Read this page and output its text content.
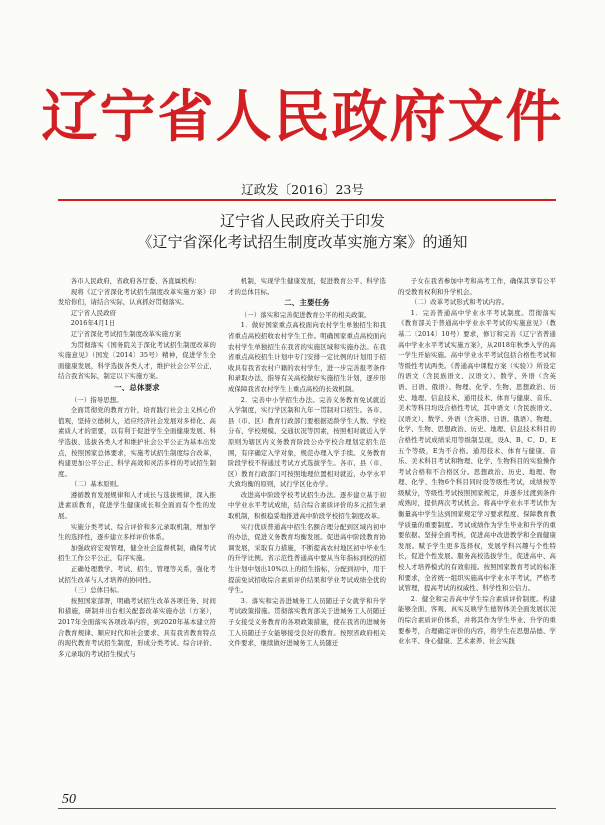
辽宁省人民政府文件
辽政发〔2016〕23号
辽宁省人民政府关于印发
《辽宁省深化考试招生制度改革实施方案》的通知

各市人民政府，省政府各厅委、各直属机构：

现将《辽宁省深化考试招生制度改革实施方案》印发给你们，请结合实际，认真抓好贯彻落实。

辽宁省人民政府

2016年4月1日

辽宁省深化考试招生制度改革实施方案

为贯彻落实《国务院关于深化考试招生制度改革的实施意见》（国发〔2014〕35号）精神，促进学生全面健康发展，科学选拔各类人才，维护社会公平公正，结合我省实际，制定以下实施方案。

一、总体要求

（一）指导思想。

全面贯彻党的教育方针，培育践行社会主义核心价值观，坚持立德树人，适应经济社会发展对多样化、高素质人才的需要，以有利于促进学生全面健康发展、科学选拔、选拔各类人才和维护社会公平公正为基本出发点，按照国家总体要求，实施考试招生制度综合改革，构建更加公平公正、科学高效和灵活多样的考试招生制度。

（二）基本原则。

遵循教育发展规律和人才成长与选拔规律，深入推进素质教育，促进学生健康成长和全面而有个性的发展。

实施分类考试、综合评价和多元录取机制，增加学生的选择性，逐步建立多样评价体系。

加强政府宏观管理，健全社会监督机制，确保考试招生工作公平公正，有序实施。

正确处理教学、考试、招生、管理等关系，强化考试招生改革与人才培养的协同性。

（三）总体目标。

按照国家部署，明确考试招生改革各项任务、时间和措施，研制并出台相关配套改革实施办法（方案），2017年全面落实各项改革内容，到2020年基本建立符合教育规律、顺应时代和社会要求、具有我省教育特点的现代教育考试招生制度，形成分类考试、综合评价、多元录取的考试招生模式与

机制，实现学生健康发展，促进教育公平、科学选才的总体目标。

二、主要任务

（一）落实和完善促进教育公平的相关政策。

1．做好国家重点高校面向农村学生单独招生和我省重点高校招收农村学生工作。明确国家重点高校面向农村学生单独招生在我省的实施区域和实施办法。在我省重点高校招生计划中专门安排一定比例的计划用于招收具有我省农村户籍的农村学生，进一步完善报考条件和录取办法，指导有关高校做好实施招生计划，逐步形成保障我省农村学生上重点高校的长效机制。

2．完善中小学招生办法。完善义务教育免试就近入学制度，实行学区制和九年一贯制对口招生。各市、县（市、区）教育行政部门要根据适龄学生人数、学校分布、学校规模、交通状况等因素，按照相对就近入学原则为辖区内义务教育阶段公办学校合理划定招生范围，有序确定入学对象，规范办理入学手续。义务教育阶段学校不得通过考试方式选拔学生。各市、县（市、区）教育行政部门可按照地理位置相对就近、办学水平大致均衡的原则，试行学区化办学。

改进高中阶段学校考试招生办法。逐步建立基于初中学业水平考试成绩，结合综合素质评价的多元招生录取机制，积极稳妥地推进高中阶段学校招生制度改革。

实行优质普通高中招生名额合理分配到区域内初中的办法，促进义务教育均衡发展。促进高中阶段教育协调发展，采取有力措施，不断提高农村地区初中毕业生的升学比例。省示范性普通高中要从当年指标到校的招生计划中划出10%以上的招生指标，分配到初中，用于提前免试招收综合素质评价结果和学业考试成绩全优的学生。

3．落实和完善进城务工人员随迁子女就学和升学考试政策措施。贯彻落实教育部关于进城务工人员随迁子女接受义务教育的各项政策措施，使在我省的进城务工人员随迁子女能够接受良好的教育。按照省政府相关文件要求，继续做好进城务工人员随迁

子女在我省参加中考和高考工作，确保其享有公平的受教育权利和升学机会。

（二）改革考试形式和考试内容。

1．完善普通高中学业水平考试制度。贯彻落实《教育部关于普通高中学业水平考试的实施意见》（教基二〔2014〕10号）要求，修订和完善《辽宁省普通高中学业水平考试实施方案》，从2018年秋季入学的高一学生开始实施。高中学业水平考试包括合格性考试和等级性考试两类。《普通高中课程方案（实验）》所设定的语文（含民族语文、汉语文）、数学、外语（含英语、日语、俄语）、物理、化学、生物、思想政治、历史、地理、信息技术、通用技术、体育与健康、音乐、美术等科目均设合格性考试，其中语文（含民族语文、汉语文）、数学、外语（含英语、日语、俄语）、物理、化学、生物、思想政治、历史、地理、信息技术科目的合格性考试成绩采用等级制呈现，设A、B、C、D、E五个等级，E为不合格。通用技术、体育与健康、音乐、美术科目考试和物理、化学、生物科目的实验操作考试合格和不合格区分。思想政治、历史、地理、物理、化学、生物6个科目同时设等级性考试，成绩按等级赋分，等级性考试按照国家规定，并逐步过渡到条件成熟时，提供两次考试机会。将高中学业水平考试作为衡量高中学生达到国家规定学习要求程度、保障教育教学质量的重要制度。考试成绩作为学生毕业和升学的重要依据。坚持全面考核，促进高中改进教学和全面健康发展。赋予学生更多选择权，发展学科兴趣与个性特长，促进个性发展。服务高校选拔学生，促进高中、高校人才培养模式的有效衔接。按照国家教育考试的标准和要求，全省统一组织实施高中学业水平考试，严格考试管理，提高考试的权威性、科学性和公信力。

2．健全和完善高中学生综合素质评价制度。构建能够全面、客观、真实反映学生德智体美全面发展状况的综合素质评价体系，并将其作为学生毕业、升学的重要参考，合理确定评价的内容，将学生在思想品德、学业水平、身心健康、艺术素养、社会实践

50
